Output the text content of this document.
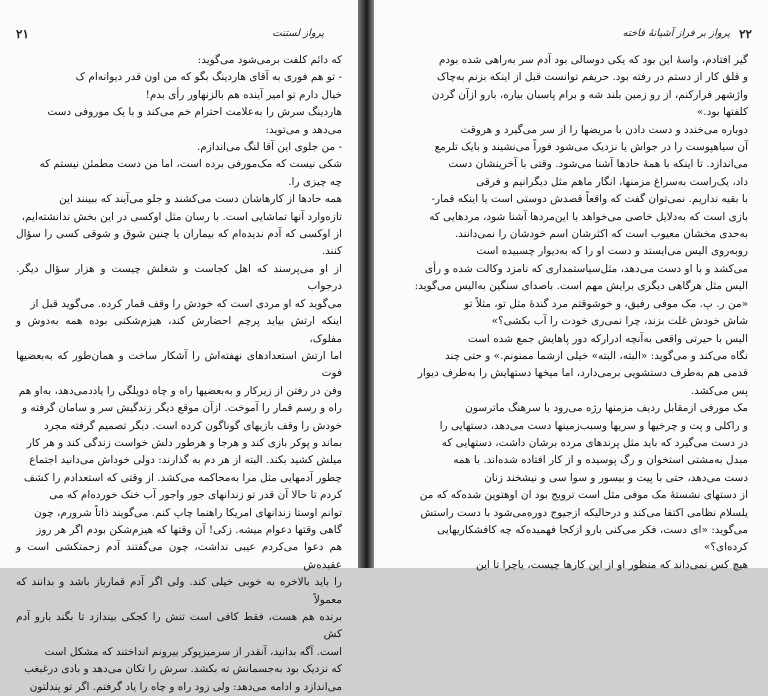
۲۱	پرواز لستنت

که دائم کلفت برمی‌شود می‌گوید:

- تو هم فوری به آقای هاردینگ بگو که من اون قدر دیوانه‌ام ک

خیال دارم تو امیر آینده هم بالزنهاور رأی بدم!

هاردینگ سرش را به‌علامت احترام خم می‌کند و با یک موروفی دست

می‌دهد و می‌توید:

- من جلوی این آقا لنگ می‌اندازم.

شکی نیست که مک‌مورفی برده است، اما من دست مطمئن نیستم که

چه چیزی را.

همه حادها از کارهاشان دست می‌کشند و جلو می‌آیند که ببینند این

تازه‌وارد آنها تماشایی است. با رسان مثل اوکسی در این بخش ندانشته‌ایم،

از اوکسی که آدم ندیده‌ام که بیماران یا چنین شوق و شوقی کسی را سؤال کنند.

از او می‌پرسند که اهل کجاست و شغلش چیست و هزار سؤال دیگر. درجواب

می‌گوید که او مردی است که خودش را وقف قمار کرده. می‌گوید قبل از

اینکه ارتش بیاید پرچم احضارش کند، هیزم‌شکنی بوده‌ همه به‌دوش و مفلوک،

اما ارتش استعدادهای نهفته‌اش را آشکار ساخت و همان‌طور که به‌بعضیها فوت

وفن در رفتن از زیرکار و به‌بعضیها راه و چاه دویلگی را یاددمی‌دهد، به‌او هم

راه و رسم قمار را آموخت. ازآن موقع دیگر زندگیش سر و سامان گرفته و

خودش را وقف بازیهای گوناگون کرده است. دیگر تصمیم گرفته مجرد

بماند و پوکر بازی کند و هرجا و هرطور دلش خواست زندگی کند و هر کار

میلش کشید بکند. البته از هر دم به گذارند: دولی خوداش می‌دانید اجتماع

چطور آدمهایی مثل مرا به‌محاکمه می‌کشد. از وقتی که استعدادم را کشف

کردم تا حالا آن قدر تو زندانهای جور واجور آب خنک خورده‌ام که می‌

توانم اوستا زندانهای امریکا راهنما چاپ کنم. می‌گویند ذاتاً شرورم، چون

گاهی وقتها دعوام میشه. زکی! آن وقتها که هیزم‌شکن بودم اگر هر روز

هم دعوا می‌کردم عیبی نداشت، چون می‌گفتند آدم زحمتکشی است و عقیده‌ش

را باید بالاخره به خوبی خیلی کند. ولی اگر آدم قمارباز باشد و بدانند که معمولاً

برنده هم هست، فقط کافی است تنش را کجکی بیندازد تا بگند بارو آدم کش

است. آگه بدانید، آنقدر از سرمیزپوکر بیرونم انداختند که مشکل است

که نزدیک بود به‌جسمانش ته بکشد. سرش را تکان می‌دهد و بادی درغبغب

می‌اندازد و ادامه می‌دهد: ولی زود راه و چاه را یاد گرفتم. اگر تو پندلتون

۲۲
پرواز بر فراز آشیانهٔ فاخته

گیر افتادم، واسهٔ این بود که یکی دوسالی بود آدم سر به‌راهی شده بودم

و قلق کار از دستم در رفته بود. حریفم توانست قبل از اینکه بزنم به‌چاک

واژشهر فرارکنم، از رو زمین بلند شه و برام پاسبان بیاره، بارو ازآن گردن

کلفتها بود.»

دوباره می‌خندد و دست دادن با مریضها را از سر می‌گیرد و هروقت

آن سیاهپوست را در جواش یا نزدیک می‌شود فوراً می‌نشیند و بایک تلرمع

می‌اندازد. تا اینکه با همهٔ حادها آشنا می‌شود. وقتی با آخرینشان دست

داد، یک‌راست به‌سراغ مزمنها، انگار ماهم مثل دیگرانیم و فرقی

با بقیه نداریم. نمی‌توان گفت که واقعاً قصدش دوستی است یا اینکه قمار-

بازی است که به‌دلایل خاصی می‌خواهد با این‌مردها آشنا شود، مردهایی که

به‌حدی مخشان معیوب است که اکثرشان اسم خودشان را نمی‌دانند.

روبه‌روی الیس می‌ایستد و دست او را که به‌دیوار چسبیده است

می‌کشد و با او دست می‌دهد، مثل‌سیاستمداری که نامزد وکالت شده و رأی

الیس مثل هرگاهی دیگری برایش مهم است. باصدای سنگین به‌الیس می‌گوید:

«من ر. پ. مک موفی رفیق، و خوشوقتم مرد گندهٔ مثل تو، مثلاً تو

شاش خودش غلت بزند، چرا نمی‌ری خودت را آب بکشی؟»

الیس با حیرتی واقعی به‌آنچه ادرارکه دور پاهایش جمع شده است

نگاه می‌کند و می‌گوید: «البته، البته» خیلی ازشما ممنونم.» و حتی چند

قدمی هم به‌طرف دستشویی برمی‌دارد، اما میخها دستهایش را به‌طرف دیوار

پس می‌کشد.

مک مورفی ازمقابل ردیف مزمنها رژه می‌رود با سرهنگ ماترسون

و راکلی و پت و چرخیها و سریها وسبب‌زمینها دست می‌دهد، دستهایی را

در دست می‌گیرد که باید مثل پرندهای مرده برشان داشت، دستهایی که

مبدل به‌مشتی استخوان و رگ پوسیده و از کار افتاده شده‌اند. با همه

دست می‌دهد، حتی با پیت و بیسور و سوا سی و نیشخند زنان

از دستهای نشستهٔ مک موفی مثل است ترویج بود ان اوهتوین شده‌که که من

یلسلام نظامی اکتفا می‌کند و درحالیکه ازجیوج دوره‌می‌شود با دست راستش

می‌گوید: «ای دست، فکر می‌کنی بارو ازکجا فهمیده‌که چه کافشکاریهایی

کرده‌ای؟»

هیچ کس نمی‌داند که منظور او از این کارها چیست، یاچرا تا این
